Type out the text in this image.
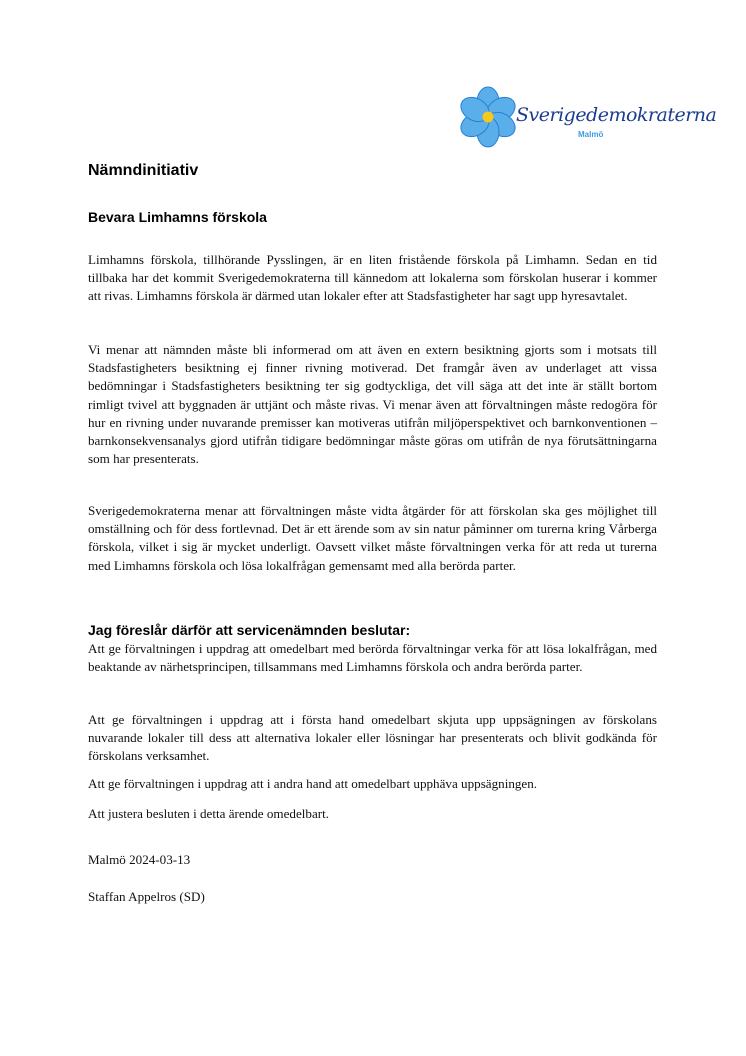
Sverigedemokraterna
Malmö
Nämndinitiativ
Bevara Limhamns förskola

Limhamns förskola, tillhörande Pysslingen, är en liten fristående förskola på Limhamn. Sedan en tid tillbaka har det kommit Sverigedemokraterna till kännedom att lokalerna som förskolan huserar i kommer att rivas. Limhamns förskola är därmed utan lokaler efter att Stadsfastigheter har sagt upp hyresavtalet.

Vi menar att nämnden måste bli informerad om att även en extern besiktning gjorts som i motsats till Stadsfastigheters besiktning ej finner rivning motiverad. Det framgår även av underlaget att vissa bedömningar i Stadsfastigheters besiktning ter sig godtyckliga, det vill säga att det inte är ställt bortom rimligt tvivel att byggnaden är uttjänt och måste rivas. Vi menar även att förvaltningen måste redogöra för hur en rivning under nuvarande premisser kan motiveras utifrån miljöperspektivet och barnkonventionen – barnkonsekvensanalys gjord utifrån tidigare bedömningar måste göras om utifrån de nya förutsättningarna som har presenterats.

Sverigedemokraterna menar att förvaltningen måste vidta åtgärder för att förskolan ska ges möjlighet till omställning och för dess fortlevnad. Det är ett ärende som av sin natur påminner om turerna kring Vårberga förskola, vilket i sig är mycket underligt. Oavsett vilket måste förvaltningen verka för att reda ut turerna med Limhamns förskola och lösa lokalfrågan gemensamt med alla berörda parter.

Jag föreslår därför att servicenämnden beslutar:

Att ge förvaltningen i uppdrag att omedelbart med berörda förvaltningar verka för att lösa lokalfrågan, med beaktande av närhetsprincipen, tillsammans med Limhamns förskola och andra berörda parter.

Att ge förvaltningen i uppdrag att i första hand omedelbart skjuta upp uppsägningen av förskolans nuvarande lokaler till dess att alternativa lokaler eller lösningar har presenterats och blivit godkända för förskolans verksamhet.

Att ge förvaltningen i uppdrag att i andra hand att omedelbart upphäva uppsägningen.

Att justera besluten i detta ärende omedelbart.

Malmö 2024-03-13

Staffan Appelros (SD)
